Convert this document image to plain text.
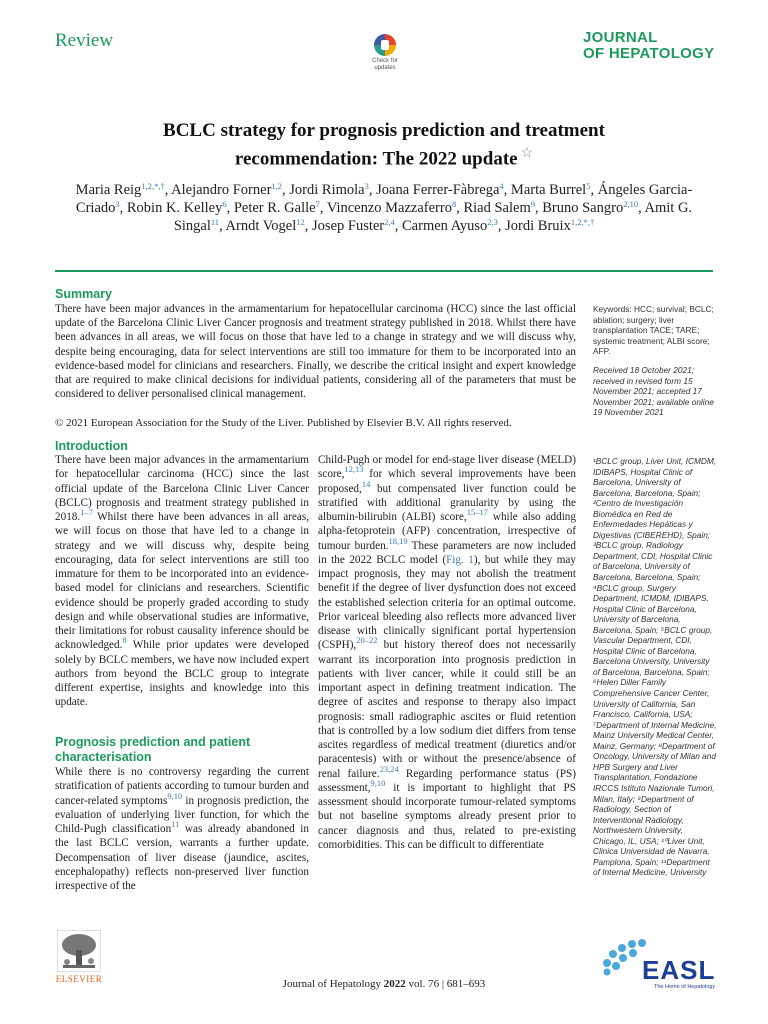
Review
Check for updates
JOURNAL
OF HEPATOLOGY
BCLC strategy for prognosis prediction and treatment
recommendation: The 2022 update ☆
Maria Reig$^{1,2,*,\dagger}$, Alejandro Forner$^{1,2}$, Jordi Rimola$^3$, Joana Ferrer-Fàbrega$^4$, Marta Burrel$^5$, Ángeles Garcia-Criado$^3$, Robin K. Kelley$^6$, Peter R. Galle$^7$, Vincenzo Mazzaferro$^8$, Riad Salem$^9$, Bruno Sangro$^{2,10}$, Amit G. Singal$^{11}$, Arndt Vogel$^{12}$, Josep Fuster$^{2,4}$, Carmen Ayuso$^{2,3}$, Jordi Bruix$^{1,2,*,\dagger}$
Summary
There have been major advances in the armamentarium for hepatocellular carcinoma (HCC) since the last official update of the Barcelona Clinic Liver Cancer prognosis and treatment strategy published in 2018. Whilst there have been advances in all areas, we will focus on those that have led to a change in strategy and we will discuss why, despite being encouraging, data for select interventions are still too immature for them to be incorporated into an evidence-based model for clinicians and researchers. Finally, we describe the critical insight and expert knowledge that are required to make clinical decisions for individual patients, considering all of the parameters that must be considered to deliver personalised clinical management.
© 2021 European Association for the Study of the Liver. Published by Elsevier B.V. All rights reserved.
Keywords: HCC; survival; BCLC; ablation; surgery; liver transplantation TACE; TARE; systemic treatment; ALBI score; AFP.
Received 18 October 2021; received in revised form 15 November 2021; accepted 17 November 2021; available online 19 November 2021
Introduction
There have been major advances in the armamentarium for hepatocellular carcinoma (HCC) since the last official update of the Barcelona Clinic Liver Cancer (BCLC) prognosis and treatment strategy published in 2018.$^{1-7}$ Whilst there have been advances in all areas, we will focus on those that have led to a change in strategy and we will discuss why, despite being encouraging, data for select interventions are still too immature for them to be incorporated into an evidence-based model for clinicians and researchers. Scientific evidence should be properly graded according to study design and while observational studies are informative, their limitations for robust causality inference should be acknowledged.$^8$ While prior updates were developed solely by BCLC members, we have now included expert authors from beyond the BCLC group to integrate different expertise, insights and knowledge into this update.
Prognosis prediction and patient characterisation
While there is no controversy regarding the current stratification of patients according to tumour burden and cancer-related symptoms$^{9,10}$ in prognosis prediction, the evaluation of underlying liver function, for which the Child-Pugh classification$^{11}$ was already abandoned in the last BCLC version, warrants a further update. Decompensation of liver disease (jaundice, ascites, encephalopathy) reflects non-preserved liver function irrespective of the
Child-Pugh or model for end-stage liver disease (MELD) score,$^{12,13}$ for which several improvements have been proposed,$^{14}$ but compensated liver function could be stratified with additional granularity by using the albumin-bilirubin (ALBI) score,$^{15-17}$ while also adding alpha-fetoprotein (AFP) concentration, irrespective of tumour burden.$^{18,19}$ These parameters are now included in the 2022 BCLC model (Fig. 1), but while they may impact prognosis, they may not abolish the treatment benefit if the degree of liver dysfunction does not exceed the established selection criteria for an optimal outcome. Prior variceal bleeding also reflects more advanced liver disease with clinically significant portal hypertension (CSPH),$^{20-22}$ but history thereof does not necessarily warrant its incorporation into prognosis prediction in patients with liver cancer, while it could still be an important aspect in defining treatment indication. The degree of ascites and response to therapy also impact prognosis: small radiographic ascites or fluid retention that is controlled by a low sodium diet differs from tense ascites regardless of medical treatment (diuretics and/or paracentesis) with or without the presence/absence of renal failure.$^{23,24}$ Regarding performance status (PS) assessment,$^{9,10}$ it is important to highlight that PS assessment should incorporate tumour-related symptoms but not baseline symptoms already present prior to cancer diagnosis and thus, related to pre-existing comorbidities. This can be difficult to differentiate
¹BCLC group, Liver Unit, ICMDM, IDIBAPS, Hospital Clinic of Barcelona, University of Barcelona, Barcelona, Spain; ²Centro de Investigación Biomédica en Red de Enfermedades Hepáticas y Digestivas (CIBEREHD), Spain; ³BCLC group, Radiology Department, CDI, Hospital Clinic of Barcelona, University of Barcelona, Barcelona, Spain; ⁴BCLC group, Surgery Department, ICMDM, IDIBAPS, Hospital Clinic of Barcelona, University of Barcelona, Barcelona, Spain; ⁵BCLC group, Vascular Department, CDI, Hospital Clinic of Barcelona, Barcelona University, University of Barcelona, Barcelona, Spain; ⁶Helen Diller Family Comprehensive Cancer Center, University of California, San Francisco, California, USA; ⁷Department of Internal Medicine, Mainz University Medical Center, Mainz, Germany; ⁸Department of Oncology, University of Milan and HPB Surgery and Liver Transplantation, Fondazione IRCCS Istituto Nazionale Tumori, Milan, Italy; ⁹Department of Radiology, Section of Interventional Radiology, Northwestern University, Chicago, IL, USA; ¹⁰Liver Unit, Clinica Universidad de Navarra, Pamplona, Spain; ¹¹Department of Internal Medicine, University
ELSEVIER	Journal of Hepatology 2022 vol. 76 | 681–693	EASL
The Home of Hepatology
